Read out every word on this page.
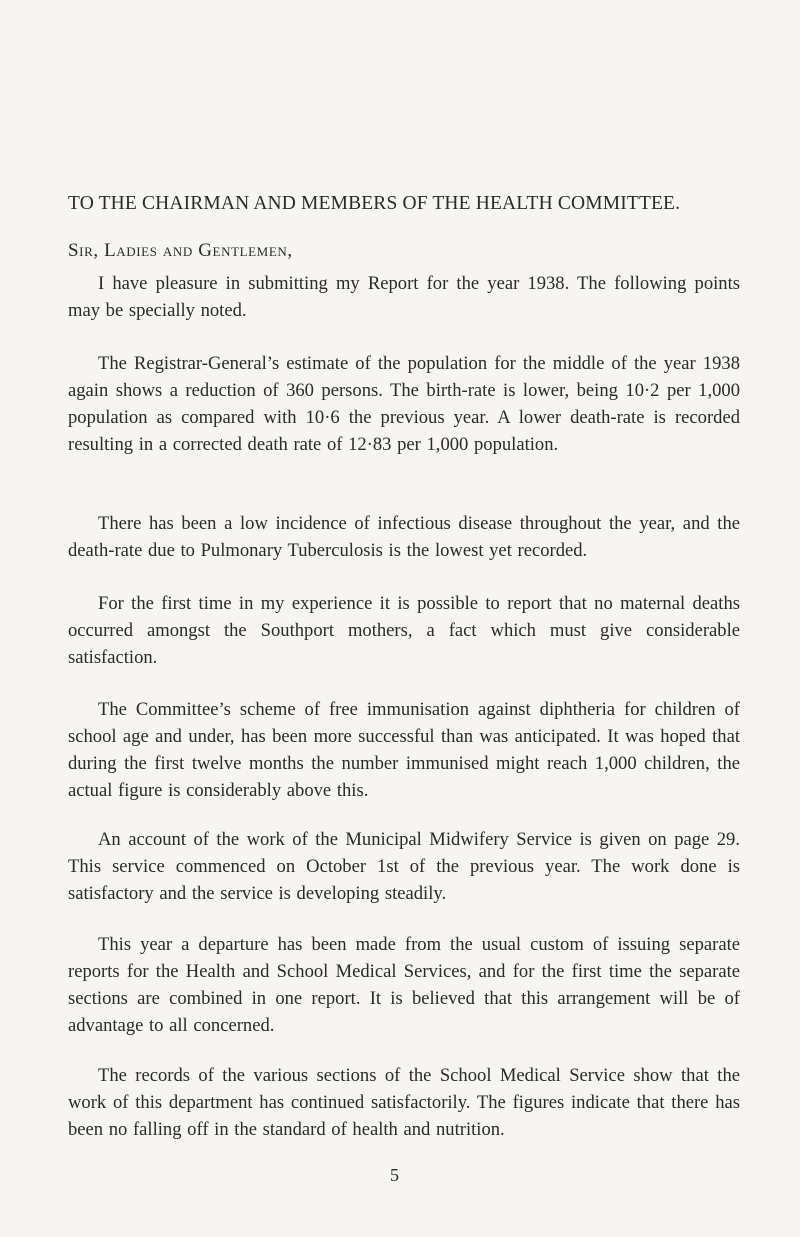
TO THE CHAIRMAN AND MEMBERS OF THE HEALTH COMMITTEE.

Sir, Ladies and Gentlemen,

I have pleasure in submitting my Report for the year 1938. The following points may be specially noted.

The Registrar-General’s estimate of the population for the middle of the year 1938 again shows a reduction of 360 persons. The birth-rate is lower, being 10·2 per 1,000 population as compared with 10·6 the previous year. A lower death-rate is recorded resulting in a corrected death rate of 12·83 per 1,000 population.

There has been a low incidence of infectious disease throughout the year, and the death-rate due to Pulmonary Tuberculosis is the lowest yet recorded.

For the first time in my experience it is possible to report that no maternal deaths occurred amongst the Southport mothers, a fact which must give considerable satisfaction.

The Committee’s scheme of free immunisation against diphtheria for children of school age and under, has been more successful than was anticipated. It was hoped that during the first twelve months the number immunised might reach 1,000 children, the actual figure is considerably above this.

An account of the work of the Municipal Midwifery Service is given on page 29. This service commenced on October 1st of the previous year. The work done is satisfactory and the service is developing steadily.

This year a departure has been made from the usual custom of issuing separate reports for the Health and School Medical Services, and for the first time the separate sections are combined in one report. It is believed that this arrangement will be of advantage to all concerned.

The records of the various sections of the School Medical Service show that the work of this department has continued satisfactorily. The figures indicate that there has been no falling off in the standard of health and nutrition.

5
